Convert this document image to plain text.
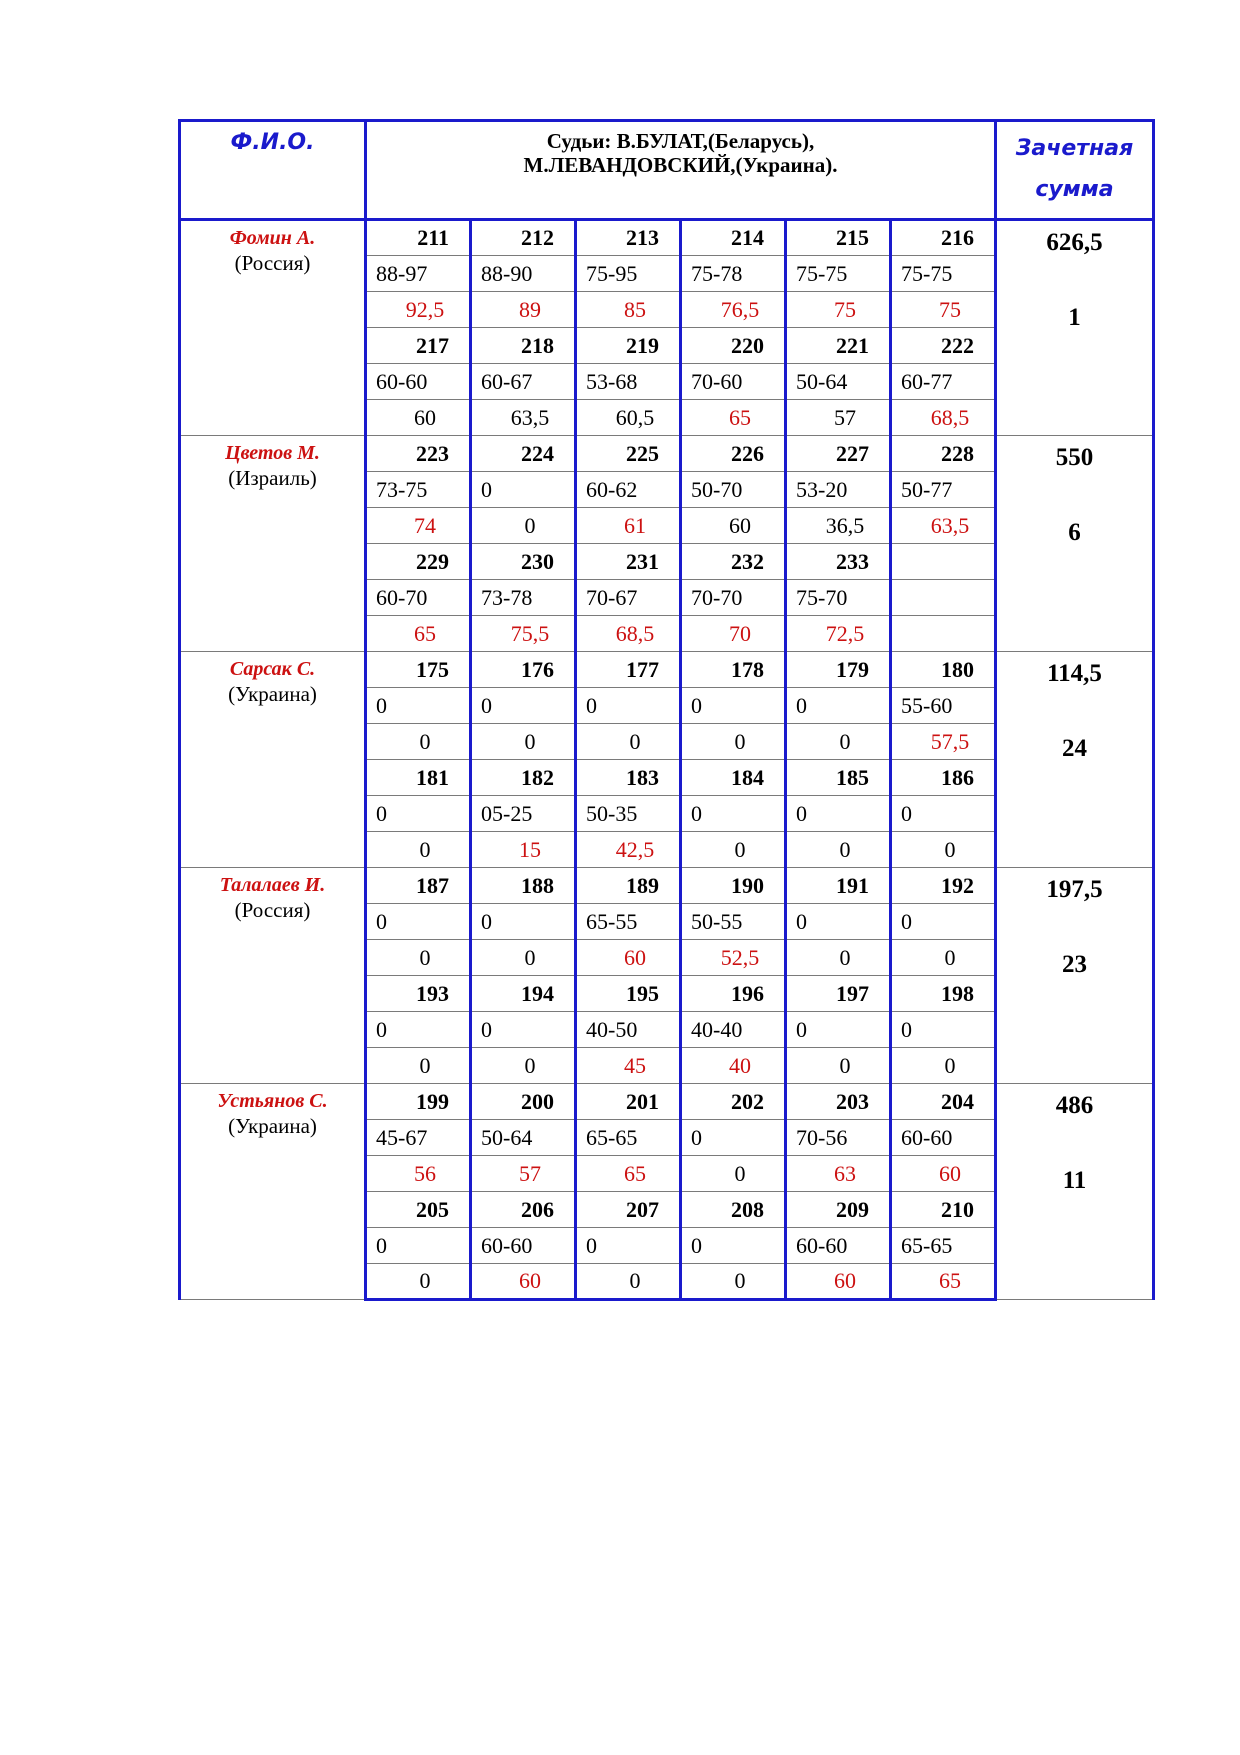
Ф.И.О.	Судьи: В.БУЛАТ,(Беларусь),
М.ЛЕВАНДОВСКИЙ,(Украина).						Зачетная
сумма

Фомин А.
(Россия)	211	212	213	214	215	216	626,5
1

	88-97	88-90	75-95	75-78	75-75	75-75	
	92,5	89	85	76,5	75	75	
	217	218	219	220	221	222	
	60-60	60-67	53-68	70-60	50-64	60-77	
	60	63,5	60,5	65	57	68,5	

Цветов М.
(Израиль)	223	224	225	226	227	228	550
6

	73-75	0	60-62	50-70	53-20	50-77	
	74	0	61	60	36,5	63,5	
	229	230	231	232	233		
	60-70	73-78	70-67	70-70	75-70		
	65	75,5	68,5	70	72,5		

Сарсак С.
(Украина)	175	176	177	178	179	180	114,5
24

	0	0	0	0	0	55-60	
	0	0	0	0	0	57,5	
	181	182	183	184	185	186	
	0	05-25	50-35	0	0	0	
	0	15	42,5	0	0	0	

Талалаев И.
(Россия)	187	188	189	190	191	192	197,5
23

	0	0	65-55	50-55	0	0	
	0	0	60	52,5	0	0	
	193	194	195	196	197	198	
	0	0	40-50	40-40	0	0	
	0	0	45	40	0	0	

Устьянов С.
(Украина)	199	200	201	202	203	204	486
11

	45-67	50-64	65-65	0	70-56	60-60	
	56	57	65	0	63	60	
	205	206	207	208	209	210	
	0	60-60	0	0	60-60	65-65	
	0	60	0	0	60	65	
